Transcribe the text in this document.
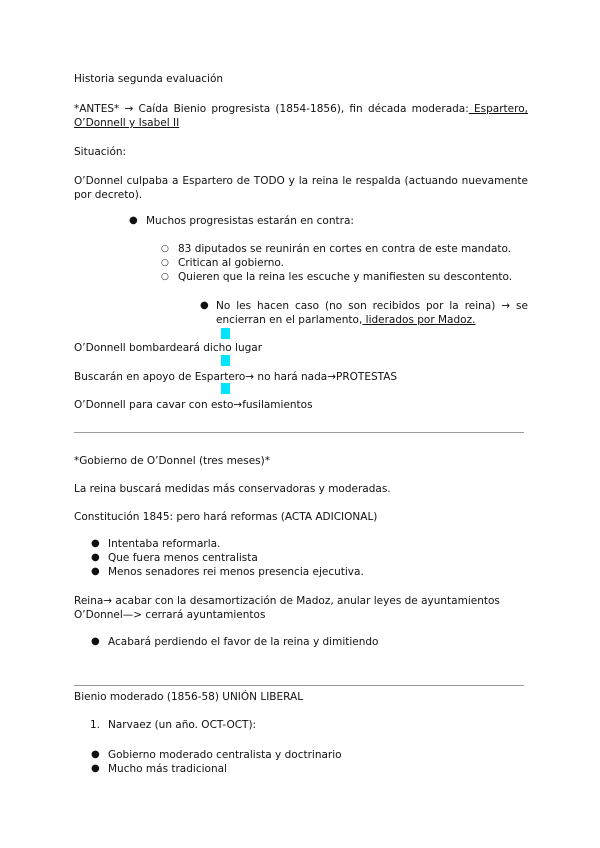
Historia segunda evaluación

*ANTES* → Caída Bienio progresista (1854-1856), fin década moderada: Espartero, O’Donnell y Isabel II

Situación:

O’Donnel culpaba a Espartero de TODO y la reina le respalda (actuando nuevamente por decreto).

● Muchos progresistas estarán en contra:

○ 83 diputados se reunirán en cortes en contra de este mandato.

○ Critican al gobierno.

○ Quieren que la reina les escuche y manifiesten su descontento.

● No les hacen caso (no son recibidos por la reina) → se encierran en el parlamento, liderados por Madoz.

O’Donnell bombardeará dicho lugar

Buscarán en apoyo de Espartero→ no hará nada→PROTESTAS

O’Donnell para cavar con esto→fusilamientos

*Gobierno de O’Donnel (tres meses)*

La reina buscará medidas más conservadoras y moderadas.

Constitución 1845: pero hará reformas (ACTA ADICIONAL)

● Intentaba reformarla.

● Que fuera menos centralista

● Menos senadores rei menos presencia ejecutiva.

Reina→ acabar con la desamortización de Madoz, anular leyes de ayuntamientos

O’Donnel—> cerrará ayuntamientos

● Acabará perdiendo el favor de la reina y dimitiendo

Bienio moderado (1856-58) UNIÓN LIBERAL

1. Narvaez (un año. OCT-OCT):

● Gobierno moderado centralista y doctrinario

● Mucho más tradicional
